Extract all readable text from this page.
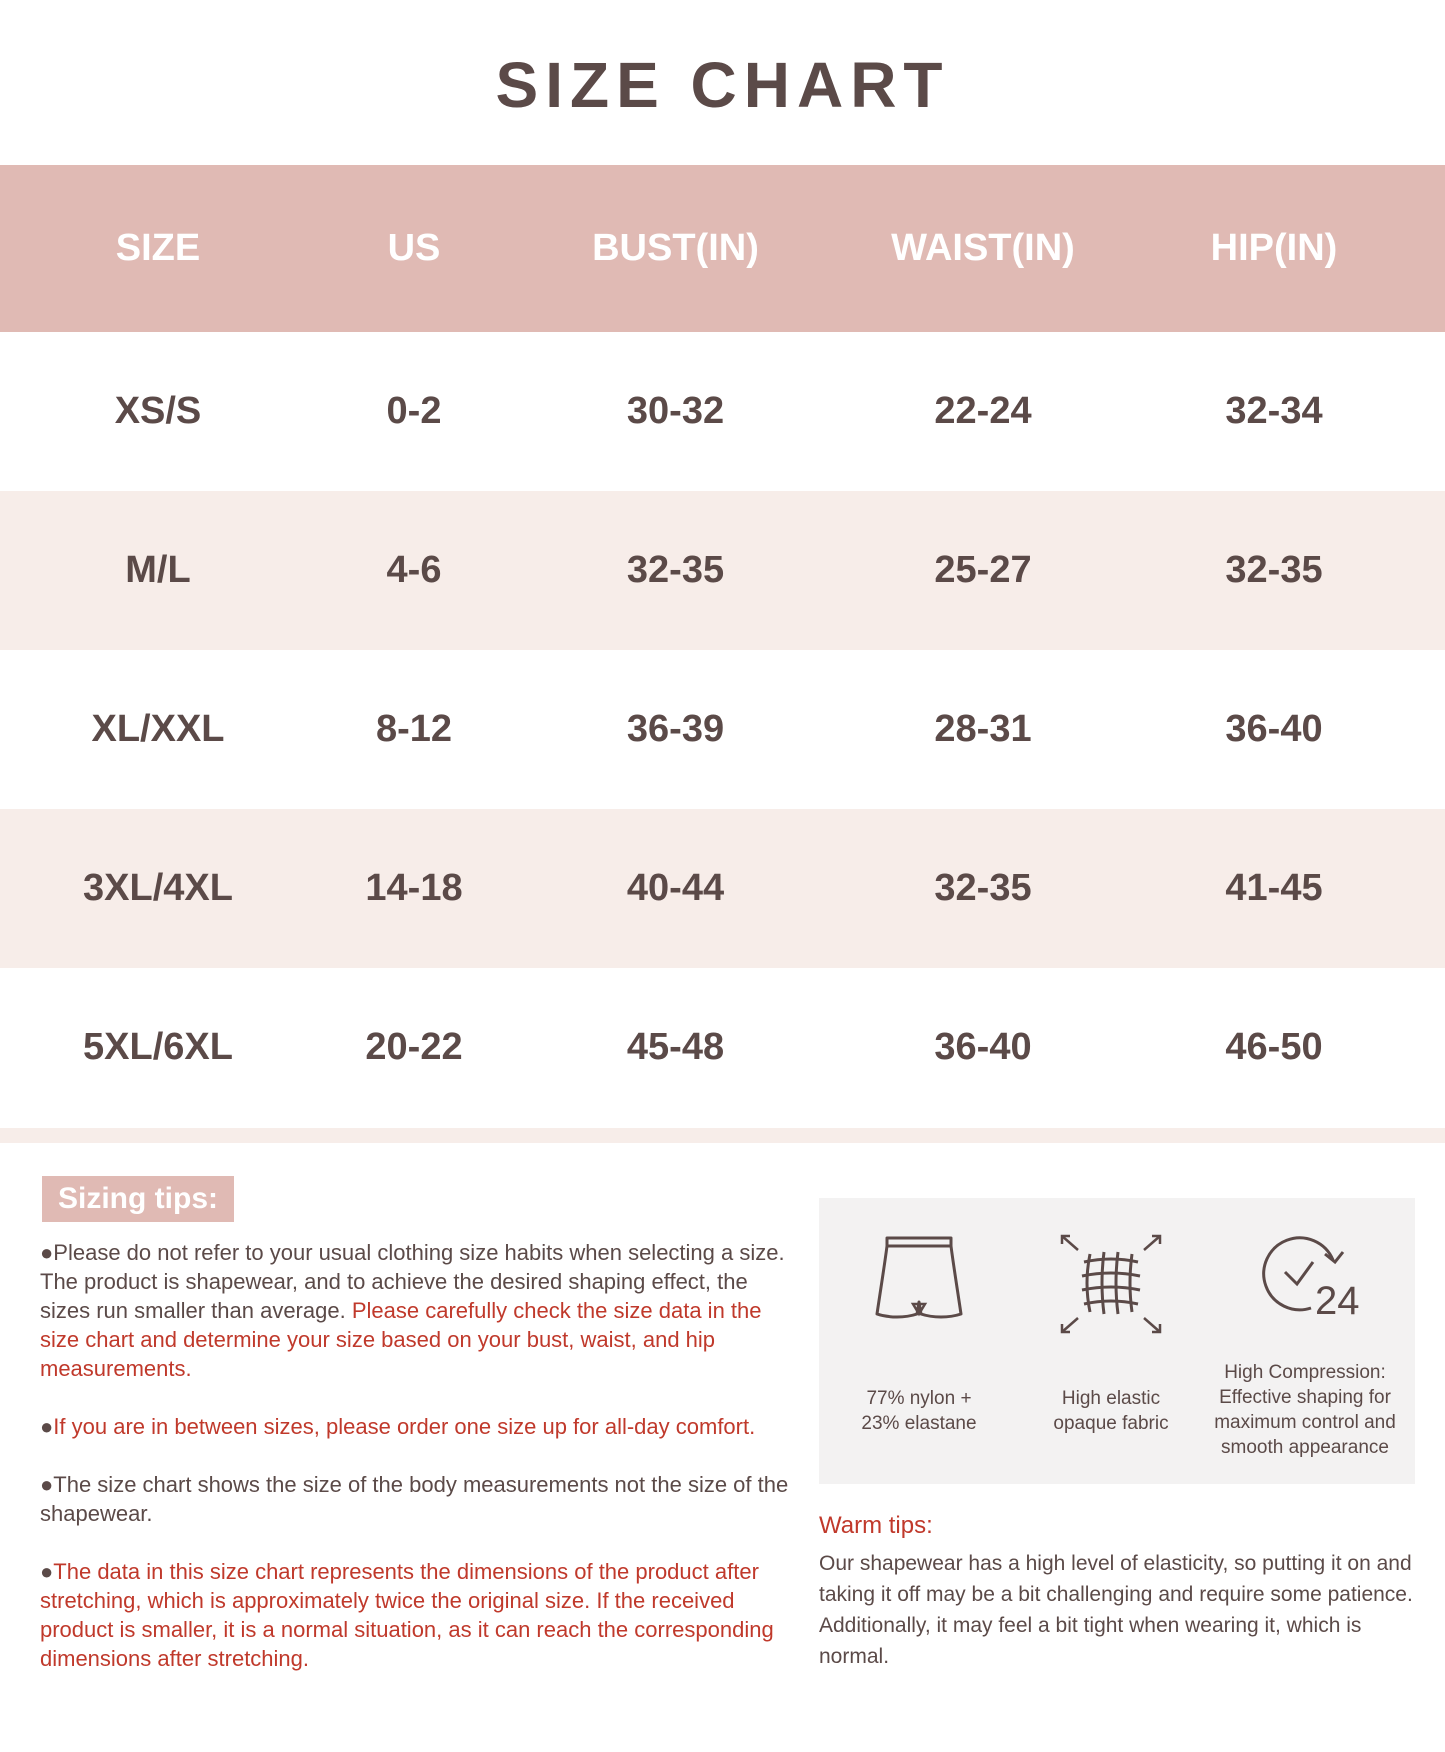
SIZE CHART
SIZE	US	BUST(IN)	WAIST(IN)	HIP(IN)
XS/S	0-2	30-32	22-24	32-34
M/L	4-6	32-35	25-27	32-35
XL/XXL	8-12	36-39	28-31	36-40
3XL/4XL	14-18	40-44	32-35	41-45
5XL/6XL	20-22	45-48	36-40	46-50
Sizing tips:
●Please do not refer to your usual clothing size habits when selecting a size. The product is shapewear, and to achieve the desired shaping effect, the sizes run smaller than average. Please carefully check the size data in the size chart and determine your size based on your bust, waist, and hip measurements.
●If you are in between sizes, please order one size up for all-day comfort.
●The size chart shows the size of the body measurements not the size of the shapewear.
●The data in this size chart represents the dimensions of the product after stretching, which is approximately twice the original size. If the received product is smaller, it is a normal situation, as it can reach the corresponding dimensions after stretching.
77% nylon +
23% elastane
High elastic
opaque fabric
24
High Compression:
Effective shaping for
maximum control and
smooth appearance
Warm tips:
Our shapewear has a high level of elasticity, so putting it on and taking it off may be a bit challenging and require some patience. Additionally, it may feel a bit tight when wearing it, which is normal.
